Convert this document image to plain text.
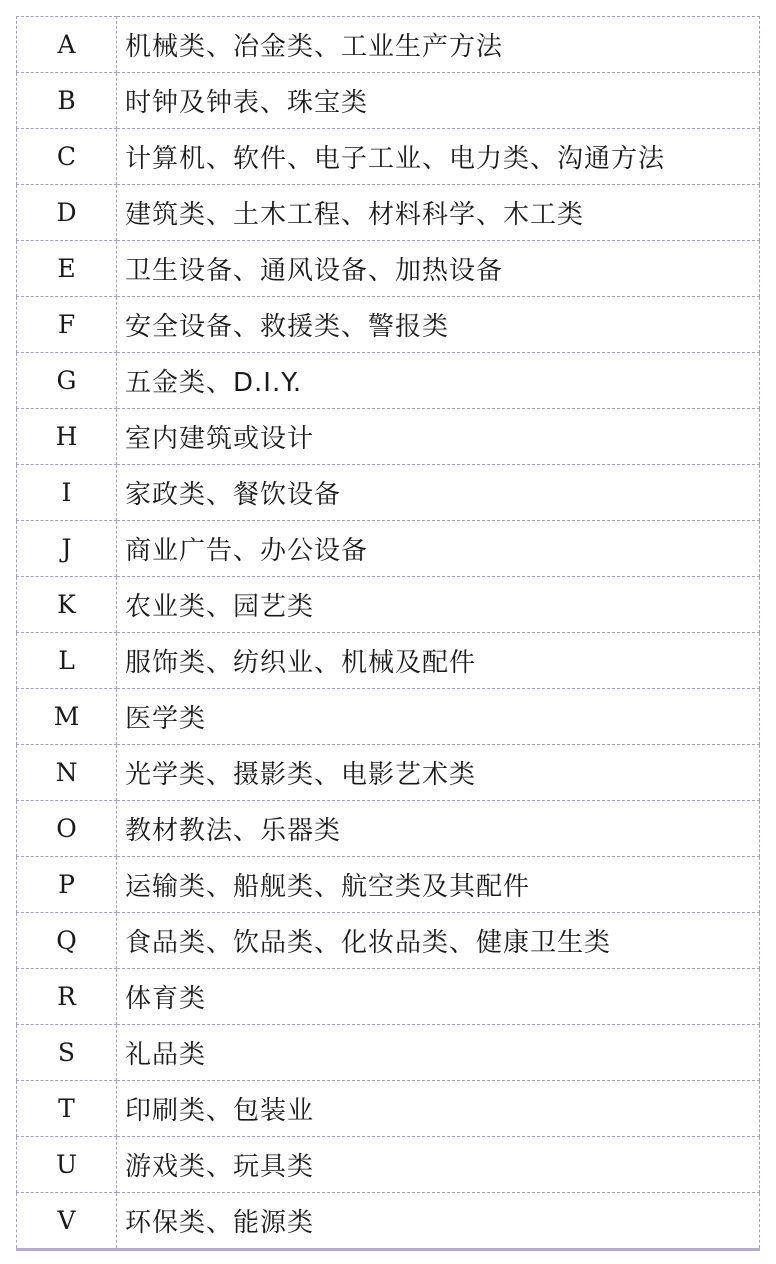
A	机械类、冶金类、工业生产方法
B	时钟及钟表、珠宝类
C	计算机、软件、电子工业、电力类、沟通方法
D	建筑类、土木工程、材料科学、木工类
E	卫生设备、通风设备、加热设备
F	安全设备、救援类、警报类
G	五金类、D.I.Y.
H	室内建筑或设计
I	家政类、餐饮设备
J	商业广告、办公设备
K	农业类、园艺类
L	服饰类、纺织业、机械及配件
M	医学类
N	光学类、摄影类、电影艺术类
O	教材教法、乐器类
P	运输类、船舰类、航空类及其配件
Q	食品类、饮品类、化妆品类、健康卫生类
R	体育类
S	礼品类
T	印刷类、包装业
U	游戏类、玩具类
V	环保类、能源类
